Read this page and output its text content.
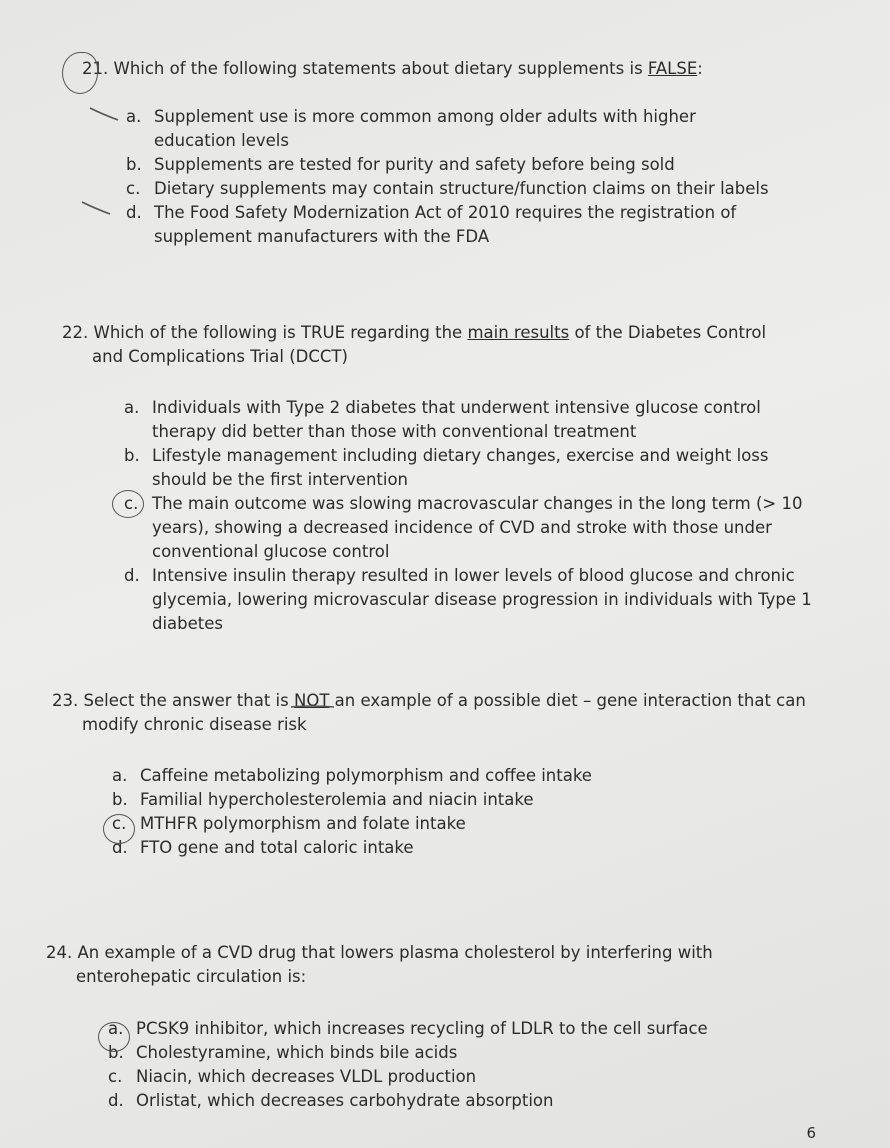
21. Which of the following statements about dietary supplements is FALSE:
a. Supplement use is more common among older adults with higher education levels
b. Supplements are tested for purity and safety before being sold
c. Dietary supplements may contain structure/function claims on their labels
d. The Food Safety Modernization Act of 2010 requires the registration of supplement manufacturers with the FDA
22. Which of the following is TRUE regarding the main results of the Diabetes Control and Complications Trial (DCCT)
a. Individuals with Type 2 diabetes that underwent intensive glucose control therapy did better than those with conventional treatment
b. Lifestyle management including dietary changes, exercise and weight loss should be the first intervention
c. The main outcome was slowing macrovascular changes in the long term (> 10 years), showing a decreased incidence of CVD and stroke with those under conventional glucose control
d. Intensive insulin therapy resulted in lower levels of blood glucose and chronic glycemia, lowering microvascular disease progression in individuals with Type 1 diabetes
23. Select the answer that is NOT an example of a possible diet – gene interaction that can modify chronic disease risk
a. Caffeine metabolizing polymorphism and coffee intake
b. Familial hypercholesterolemia and niacin intake
c. MTHFR polymorphism and folate intake
d. FTO gene and total caloric intake
24. An example of a CVD drug that lowers plasma cholesterol by interfering with enterohepatic circulation is:
a. PCSK9 inhibitor, which increases recycling of LDLR to the cell surface
b. Cholestyramine, which binds bile acids
c. Niacin, which decreases VLDL production
d. Orlistat, which decreases carbohydrate absorption
6
